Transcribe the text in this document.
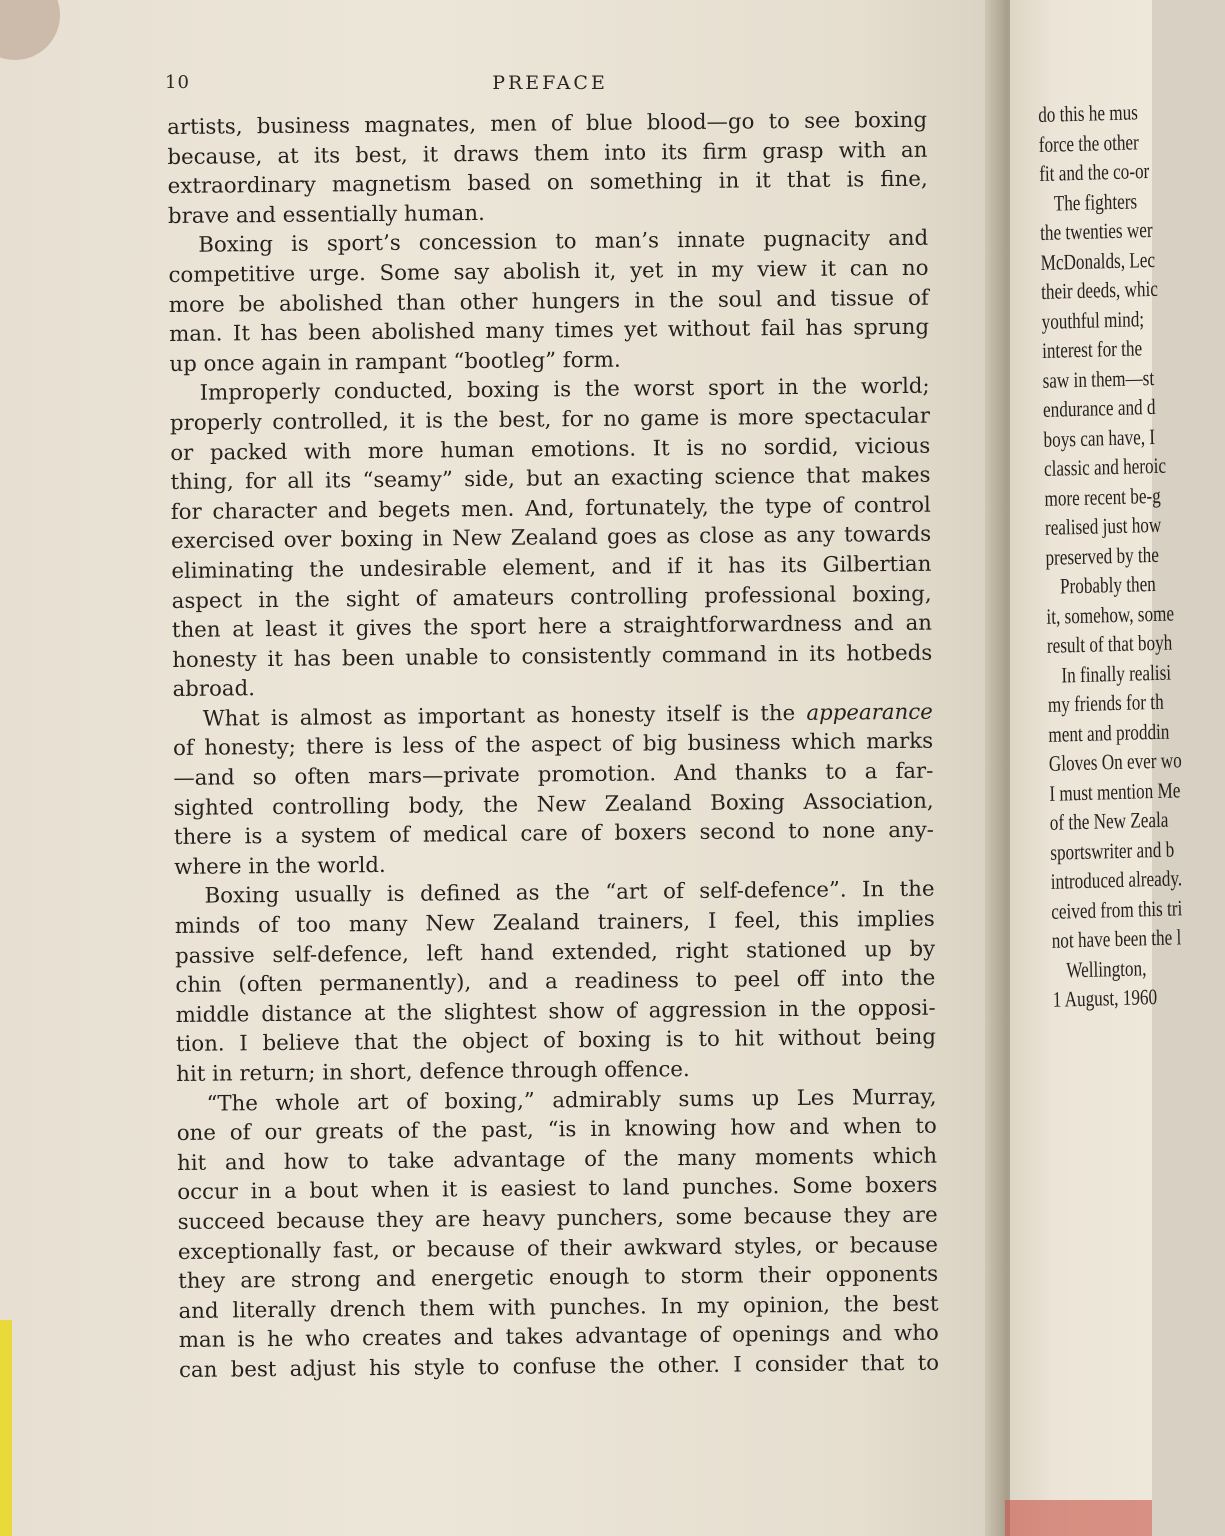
10	PREFACE
artists, business magnates, men of blue blood—go to see boxing
because, at its best, it draws them into its firm grasp with an
extraordinary magnetism based on something in it that is fine,
brave and essentially human.
Boxing is sport’s concession to man’s innate pugnacity and
competitive urge. Some say abolish it, yet in my view it can no
more be abolished than other hungers in the soul and tissue of
man. It has been abolished many times yet without fail has sprung
up once again in rampant “bootleg” form.
Improperly conducted, boxing is the worst sport in the world;
properly controlled, it is the best, for no game is more spectacular
or packed with more human emotions. It is no sordid, vicious
thing, for all its “seamy” side, but an exacting science that makes
for character and begets men. And, fortunately, the type of control
exercised over boxing in New Zealand goes as close as any towards
eliminating the undesirable element, and if it has its Gilbertian
aspect in the sight of amateurs controlling professional boxing,
then at least it gives the sport here a straightforwardness and an
honesty it has been unable to consistently command in its hotbeds
abroad.
What is almost as important as honesty itself is the appearance
of honesty; there is less of the aspect of big business which marks
—and so often mars—private promotion. And thanks to a far-
sighted controlling body, the New Zealand Boxing Association,
there is a system of medical care of boxers second to none any-
where in the world.
Boxing usually is defined as the “art of self-defence”. In the
minds of too many New Zealand trainers, I feel, this implies
passive self-defence, left hand extended, right stationed up by
chin (often permanently), and a readiness to peel off into the
middle distance at the slightest show of aggression in the opposi-
tion. I believe that the object of boxing is to hit without being
hit in return; in short, defence through offence.
“The whole art of boxing,” admirably sums up Les Murray,
one of our greats of the past, “is in knowing how and when to
hit and how to take advantage of the many moments which
occur in a bout when it is easiest to land punches. Some boxers
succeed because they are heavy punchers, some because they are
exceptionally fast, or because of their awkward styles, or because
they are strong and energetic enough to storm their opponents
and literally drench them with punches. In my opinion, the best
man is he who creates and takes advantage of openings and who
can best adjust his style to confuse the other. I consider that to
do this he mus
force the other
fit and the co-or
The fighters
the twenties wer
McDonalds, Lec
their deeds, whic
youthful mind;
interest for the
saw in them—st
endurance and d
boys can have, I
classic and heroic
more recent be-g
realised just how
preserved by the
Probably then
it, somehow, some
result of that boyh
In finally realisi
my friends for th
ment and proddin
Gloves On ever wo
I must mention Me
of the New Zeala
sportswriter and b
introduced already.
ceived from this tri
not have been the l
Wellington,
1 August, 1960
